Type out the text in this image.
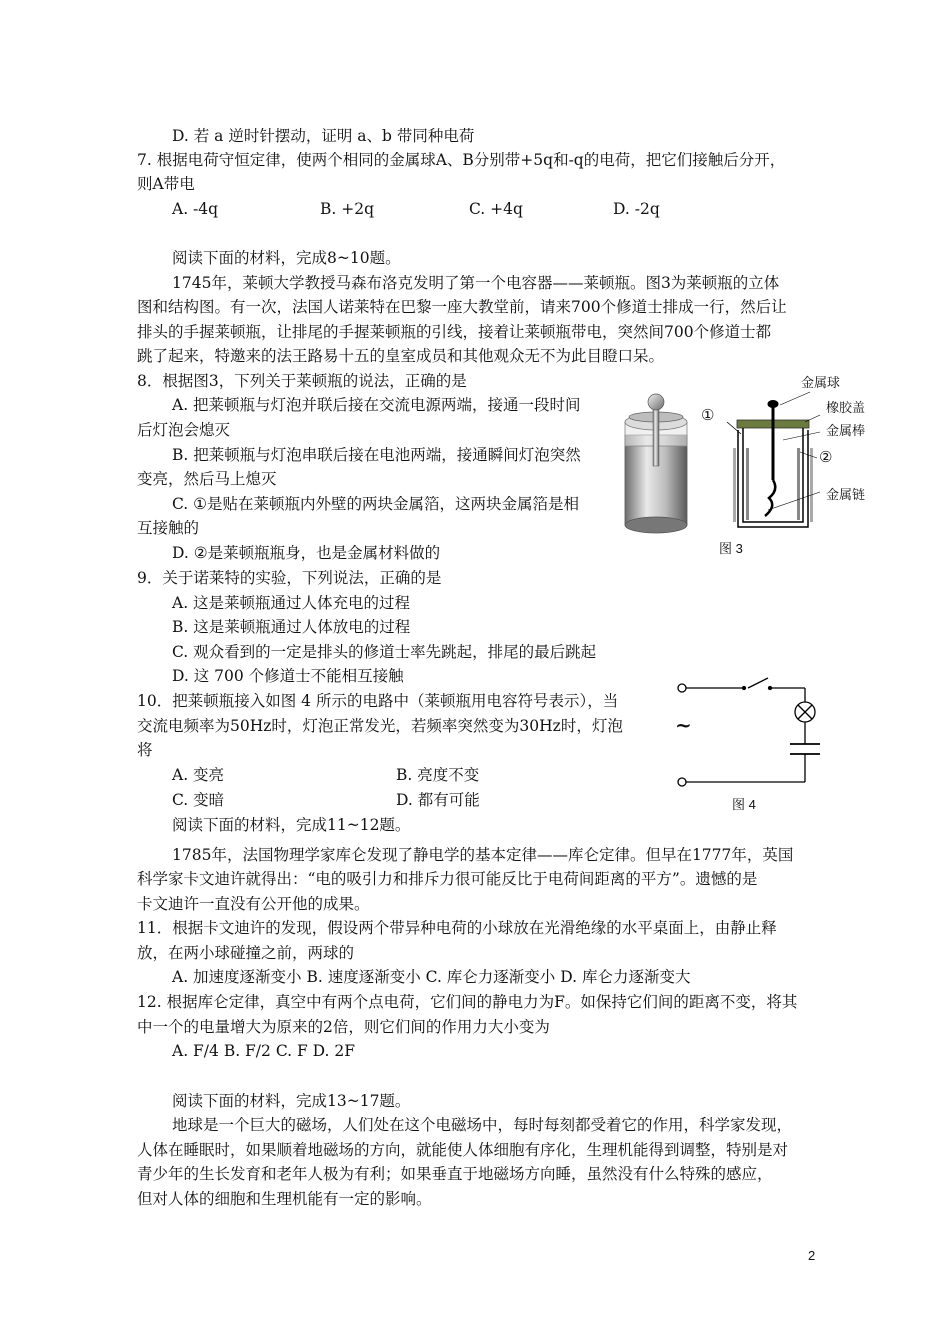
D. 若 a 逆时针摆动，证明 a、b 带同种电荷
7. 根据电荷守恒定律，使两个相同的金属球A、B分别带+5q和-q的电荷，把它们接触后分开，
则A带电
A. -4q	B. +2q	C. +4q	D. -2q
阅读下面的材料，完成8~10题。
1745年，莱顿大学教授马森布洛克发明了第一个电容器——莱顿瓶。图3为莱顿瓶的立体
图和结构图。有一次，法国人诺莱特在巴黎一座大教堂前，请来700个修道士排成一行，然后让
排头的手握莱顿瓶，让排尾的手握莱顿瓶的引线，接着让莱顿瓶带电，突然间700个修道士都
跳了起来，特邀来的法王路易十五的皇室成员和其他观众无不为此目瞪口呆。
8．根据图3，下列关于莱顿瓶的说法，正确的是
A. 把莱顿瓶与灯泡并联后接在交流电源两端，接通一段时间
后灯泡会熄灭
B. 把莱顿瓶与灯泡串联后接在电池两端，接通瞬间灯泡突然
变亮，然后马上熄灭
C. ①是贴在莱顿瓶内外壁的两块金属箔，这两块金属箔是相
互接触的
D. ②是莱顿瓶瓶身，也是金属材料做的
金属球
橡胶盖
金属棒
金属链
①
②
图 3
9．关于诺莱特的实验，下列说法，正确的是
A. 这是莱顿瓶通过人体充电的过程
B. 这是莱顿瓶通过人体放电的过程
C. 观众看到的一定是排头的修道士率先跳起，排尾的最后跳起
D. 这 700 个修道士不能相互接触
10．把莱顿瓶接入如图 4 所示的电路中（莱顿瓶用电容符号表示），当
交流电频率为50Hz时，灯泡正常发光，若频率突然变为30Hz时，灯泡
将
A. 变亮	B. 亮度不变
C. 变暗	D. 都有可能
~
图 4
阅读下面的材料，完成11~12题。
1785年，法国物理学家库仑发现了静电学的基本定律——库仑定律。但早在1777年，英国
科学家卡文迪许就得出：“电的吸引力和排斥力很可能反比于电荷间距离的平方”。遗憾的是
卡文迪许一直没有公开他的成果。
11．根据卡文迪许的发现，假设两个带异种电荷的小球放在光滑绝缘的水平桌面上，由静止释
放，在两小球碰撞之前，两球的
A. 加速度逐渐变小 B. 速度逐渐变小 C. 库仑力逐渐变小 D. 库仑力逐渐变大
12. 根据库仑定律，真空中有两个点电荷，它们间的静电力为F。如保持它们间的距离不变，将其
中一个的电量增大为原来的2倍，则它们间的作用力大小变为
A. F/4 B. F/2 C. F D. 2F
阅读下面的材料，完成13~17题。
地球是一个巨大的磁场，人们处在这个电磁场中，每时每刻都受着它的作用，科学家发现，
人体在睡眠时，如果顺着地磁场的方向，就能使人体细胞有序化，生理机能得到调整，特别是对
青少年的生长发育和老年人极为有利；如果垂直于地磁场方向睡，虽然没有什么特殊的感应，
但对人体的细胞和生理机能有一定的影响。
2
